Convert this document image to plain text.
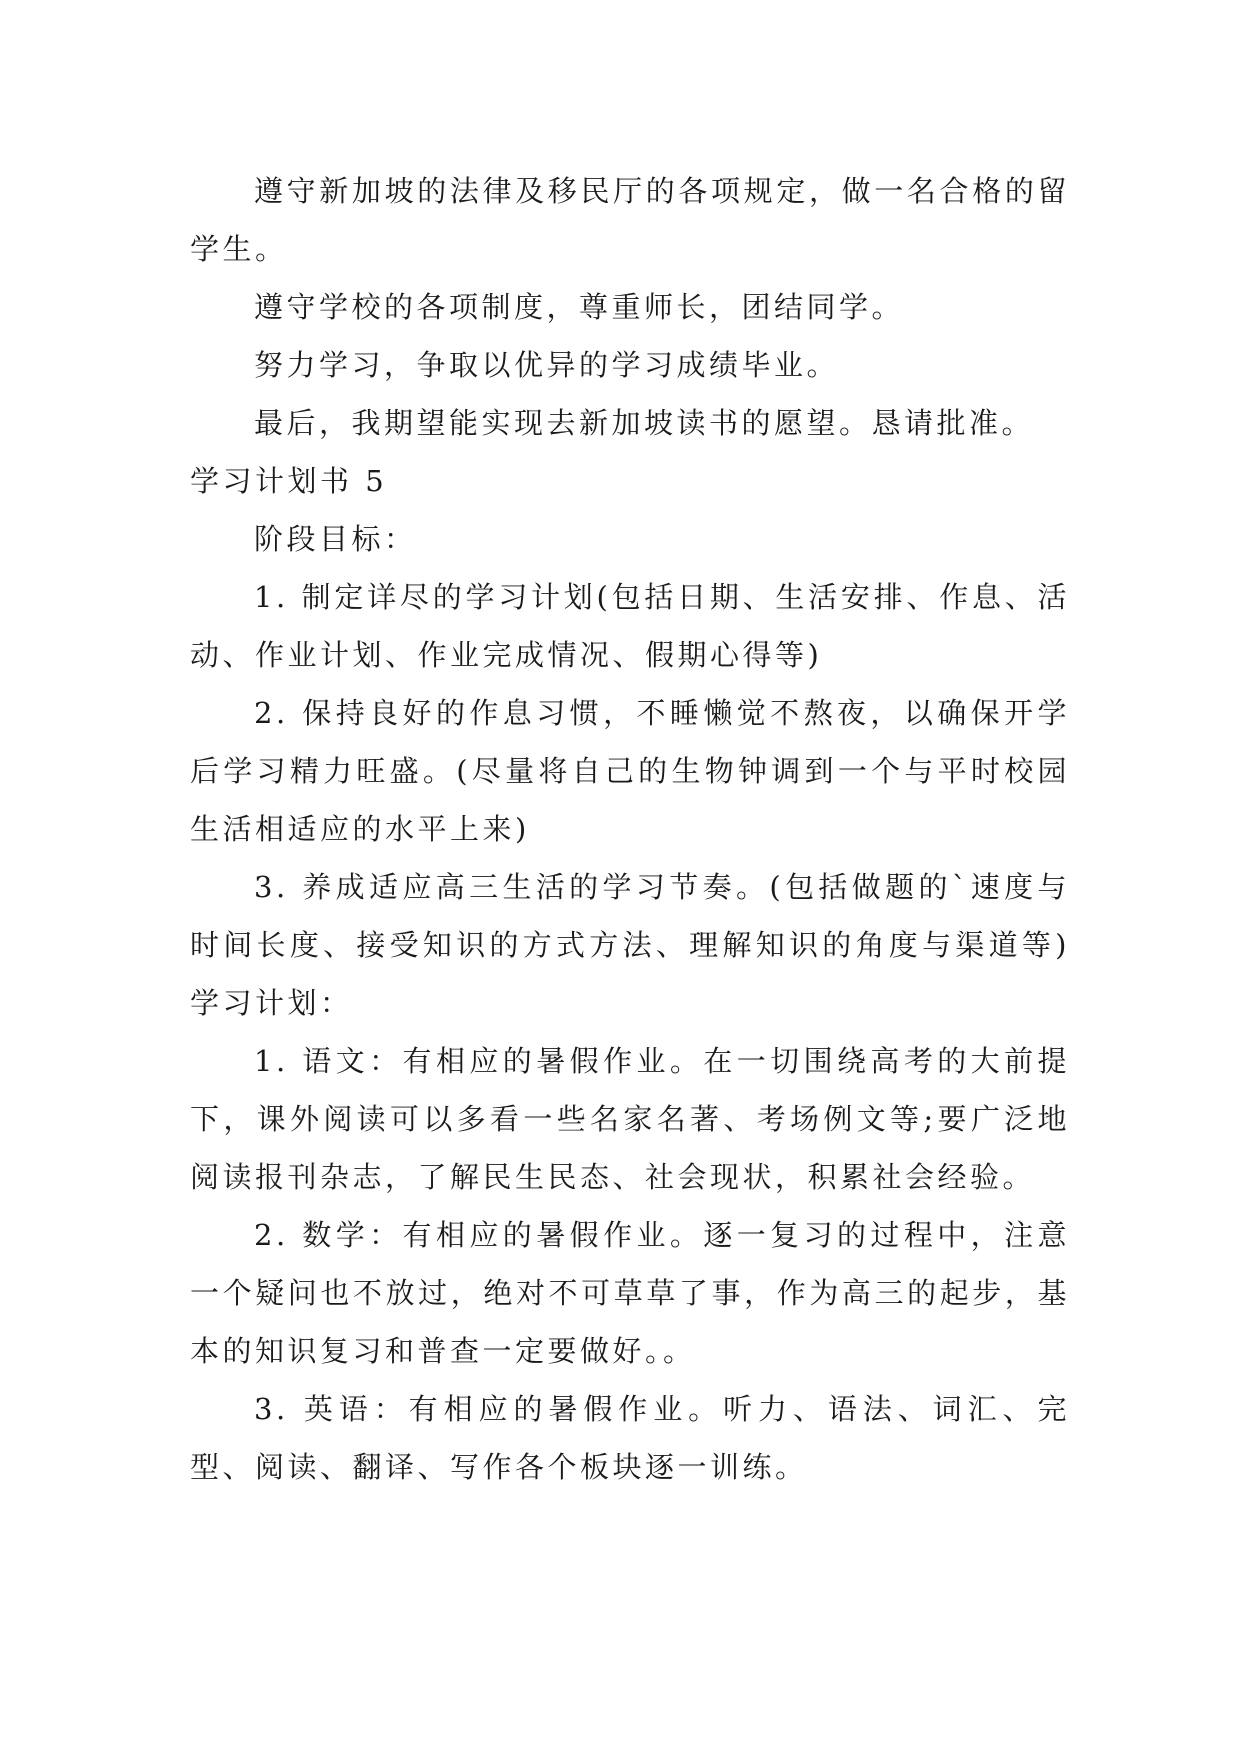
遵守新加坡的法律及移民厅的各项规定，做一名合格的留学生。

遵守学校的各项制度，尊重师长，团结同学。

努力学习，争取以优异的学习成绩毕业。

最后，我期望能实现去新加坡读书的愿望。恳请批准。

学习计划书 5

阶段目标：

1. 制定详尽的学习计划(包括日期、生活安排、作息、活动、作业计划、作业完成情况、假期心得等)

2. 保持良好的作息习惯，不睡懒觉不熬夜，以确保开学后学习精力旺盛。(尽量将自己的生物钟调到一个与平时校园生活相适应的水平上来)

3. 养成适应高三生活的学习节奏。(包括做题的`速度与时间长度、接受知识的方式方法、理解知识的角度与渠道等) 学习计划：

1. 语文：有相应的暑假作业。在一切围绕高考的大前提下，课外阅读可以多看一些名家名著、考场例文等;要广泛地阅读报刊杂志，了解民生民态、社会现状，积累社会经验。

2. 数学：有相应的暑假作业。逐一复习的过程中，注意一个疑问也不放过，绝对不可草草了事，作为高三的起步，基本的知识复习和普查一定要做好。。

3. 英语：有相应的暑假作业。听力、语法、词汇、完型、阅读、翻译、写作各个板块逐一训练。
